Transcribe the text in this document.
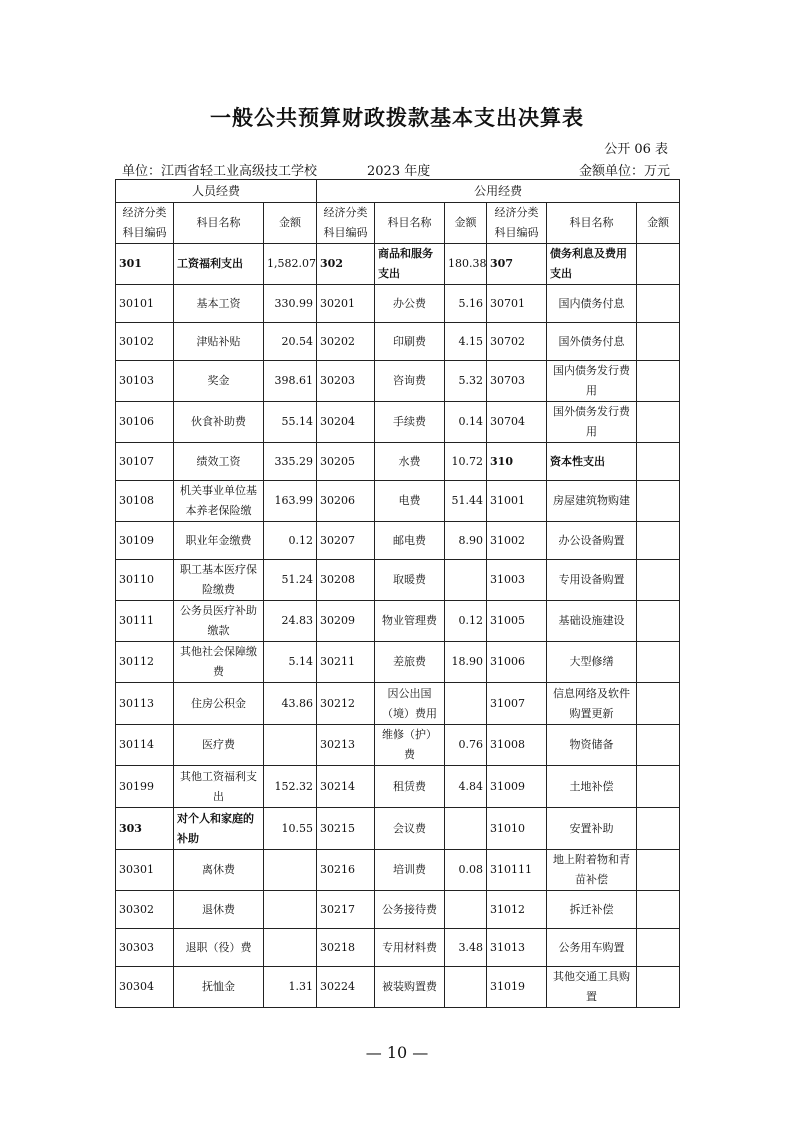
一般公共预算财政拨款基本支出决算表
公开 06 表
单位：江西省轻工业高级技工学校	2023 年度	金额单位：万元
人员经费			公用经费					
经济分类科目编码	科目名称	金额	经济分类科目编码	科目名称	金额	经济分类科目编码	科目名称	金额
301	工资福利支出	1,582.07	302	商品和服务支出	180.38	307	债务利息及费用支出	
30101	基本工资	330.99	30201	办公费	5.16	30701	国内债务付息	
30102	津贴补贴	20.54	30202	印刷费	4.15	30702	国外债务付息	
30103	奖金	398.61	30203	咨询费	5.32	30703	国内债务发行费用	
30106	伙食补助费	55.14	30204	手续费	0.14	30704	国外债务发行费用	
30107	绩效工资	335.29	30205	水费	10.72	310	资本性支出	
30108	机关事业单位基本养老保险缴	163.99	30206	电费	51.44	31001	房屋建筑物购建	
30109	职业年金缴费	0.12	30207	邮电费	8.90	31002	办公设备购置	
30110	职工基本医疗保险缴费	51.24	30208	取暖费		31003	专用设备购置	
30111	公务员医疗补助缴款	24.83	30209	物业管理费	0.12	31005	基础设施建设	
30112	其他社会保障缴费	5.14	30211	差旅费	18.90	31006	大型修缮	
30113	住房公积金	43.86	30212	因公出国（境）费用		31007	信息网络及软件购置更新	
30114	医疗费		30213	维修（护）费	0.76	31008	物资储备	
30199	其他工资福利支出	152.32	30214	租赁费	4.84	31009	土地补偿	
303	对个人和家庭的补助	10.55	30215	会议费		31010	安置补助	
30301	离休费		30216	培训费	0.08	310111	地上附着物和青苗补偿	
30302	退休费		30217	公务接待费		31012	拆迁补偿	
30303	退职（役）费		30218	专用材料费	3.48	31013	公务用车购置	
30304	抚恤金	1.31	30224	被装购置费		31019	其他交通工具购置	
— 10 —
